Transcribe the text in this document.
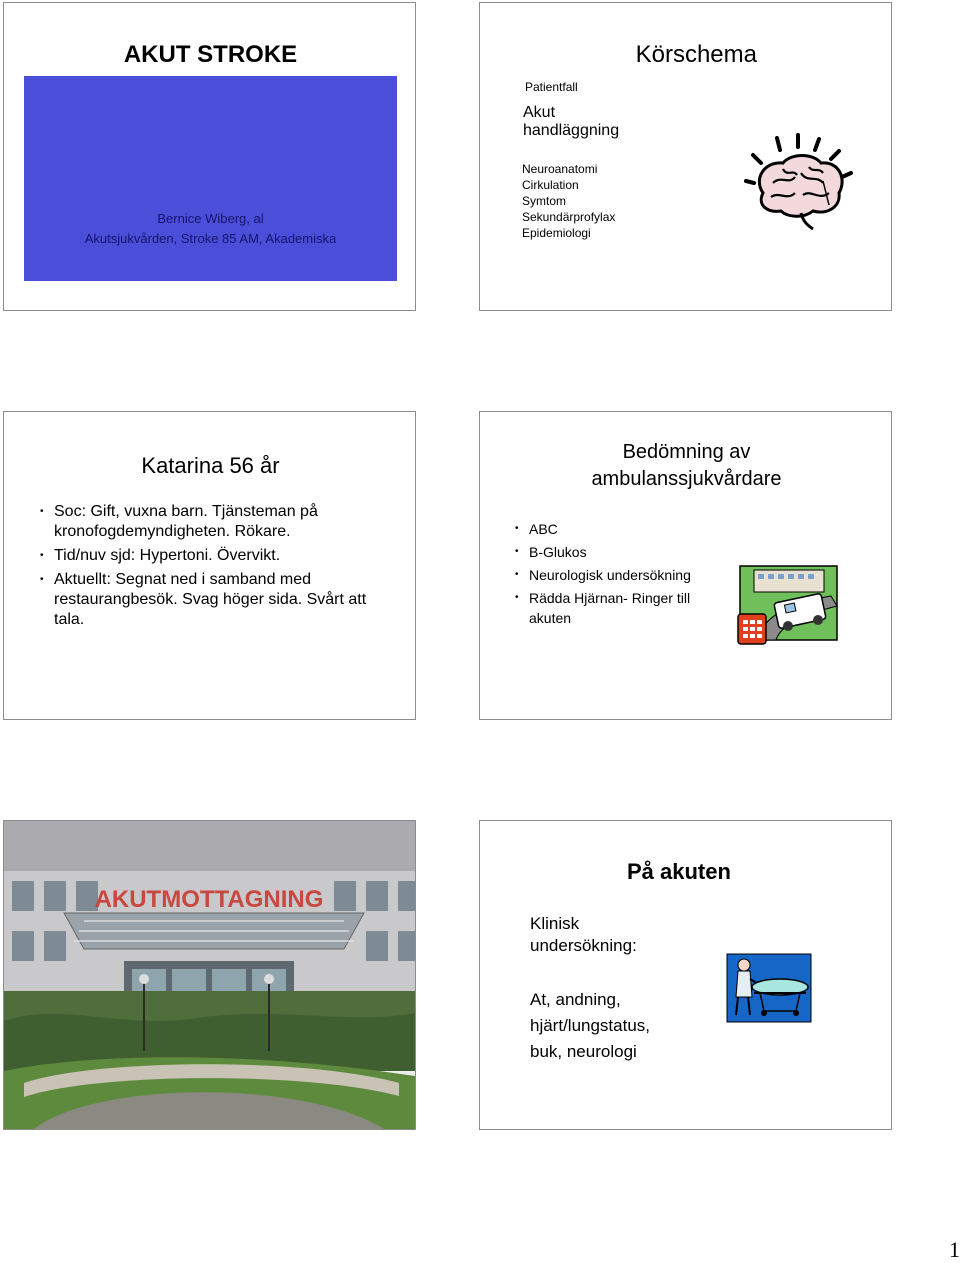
AKUT STROKE
Bernice Wiberg, al
Akutsjukvården, Stroke 85 AM, Akademiska
Körschema
Patientfall
Akut
handläggning
Neuroanatomi
Cirkulation
Symtom
Sekundärprofylax
Epidemiologi
Katarina 56 år
• Soc: Gift, vuxna barn. Tjänsteman på kronofogdemyndigheten. Rökare.
• Tid/nuv sjd: Hypertoni. Övervikt.
• Aktuellt: Segnat ned i samband med restaurangbesök. Svag höger sida. Svårt att tala.
Bedömning av
ambulanssjukvårdare
• ABC
• B-Glukos
• Neurologisk undersökning
• Rädda Hjärnan- Ringer till akuten
AKUTMOTTAGNING
På akuten
Klinisk
undersökning:
At, andning,
hjärt/lungstatus,
buk, neurologi
1
